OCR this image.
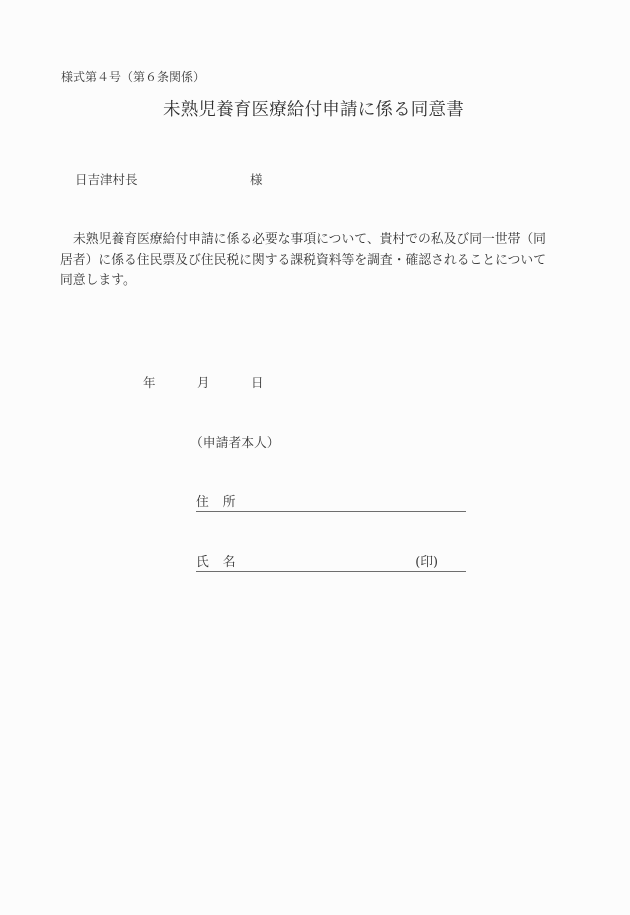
様式第４号（第６条関係）
未熟児養育医療給付申請に係る同意書
日吉津村長	様
未熟児養育医療給付申請に係る必要な事項について、貴村での私及び同一世帯（同
居者）に係る住民票及び住民税に関する課税資料等を調査・確認されることについて
同意します。
年	月	日
（申請者本人）
住 所
氏 名	(印)
